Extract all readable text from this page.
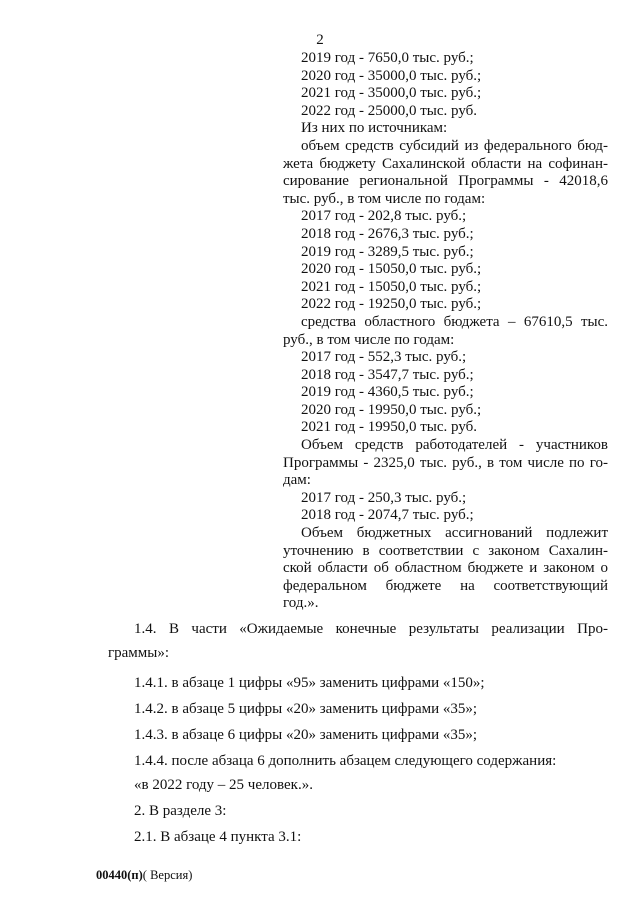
2
2019 год - 7650,0 тыс. руб.;
2020 год - 35000,0 тыс. руб.;
2021 год - 35000,0 тыс. руб.;
2022 год - 25000,0 тыс. руб.
Из них по источникам:
объем средств субсидий из федерального бюд-
жета бюджету Сахалинской области на софинан-
сирование региональной Программы - 42018,6
тыс. руб., в том числе по годам:
2017 год - 202,8 тыс. руб.;
2018 год - 2676,3 тыс. руб.;
2019 год - 3289,5 тыс. руб.;
2020 год - 15050,0 тыс. руб.;
2021 год - 15050,0 тыс. руб.;
2022 год - 19250,0 тыс. руб.;
средства областного бюджета – 67610,5 тыс.
руб., в том числе по годам:
2017 год - 552,3 тыс. руб.;
2018 год - 3547,7 тыс. руб.;
2019 год - 4360,5 тыс. руб.;
2020 год - 19950,0 тыс. руб.;
2021 год - 19950,0 тыс. руб.
Объем средств работодателей - участников
Программы - 2325,0 тыс. руб., в том числе по го-
дам:
2017 год - 250,3 тыс. руб.;
2018 год - 2074,7 тыс. руб.;
Объем бюджетных ассигнований подлежит
уточнению в соответствии с законом Сахалин-
ской области об областном бюджете и законом о
федеральном бюджете на соответствующий
год.».
1.4. В части «Ожидаемые конечные результаты реализации Про-
граммы»:
1.4.1. в абзаце 1 цифры «95» заменить цифрами «150»;
1.4.2. в абзаце 5 цифры «20» заменить цифрами «35»;
1.4.3. в абзаце 6 цифры «20» заменить цифрами «35»;
1.4.4. после абзаца 6 дополнить абзацем следующего содержания:
«в 2022 году – 25 человек.».
2. В разделе 3:
2.1. В абзаце 4 пункта 3.1:
00440(п)( Версия)
